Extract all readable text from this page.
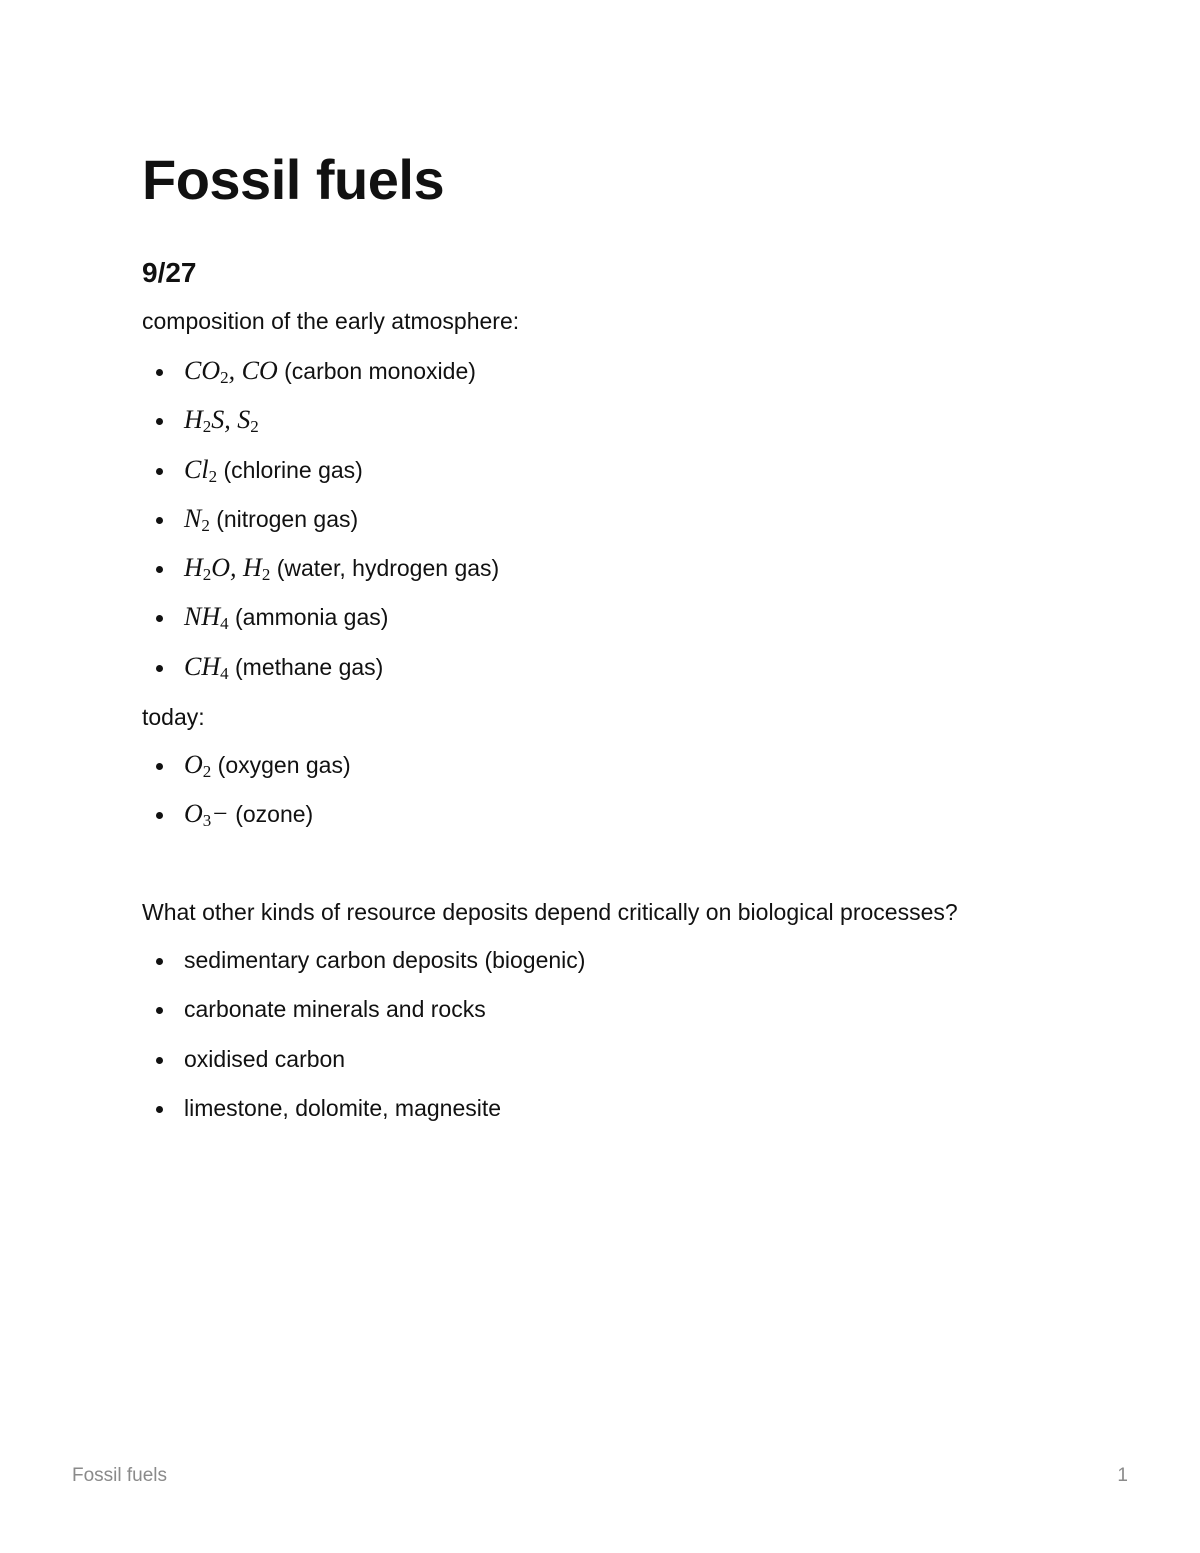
Fossil fuels
9/27

composition of the early atmosphere:

$CO_2$, CO (carbon monoxide)
$H_2S$, $S_2$
$Cl_2$ (chlorine gas)
$N_2$ (nitrogen gas)
$H_2O$, $H_2$ (water, hydrogen gas)
$NH_4$ (ammonia gas)
$CH_4$ (methane gas)

today:

$O_2$ (oxygen gas)
$O_3-$ (ozone)

What other kinds of resource deposits depend critically on biological processes?

sedimentary carbon deposits (biogenic)
carbonate minerals and rocks
oxidised carbon
limestone, dolomite, magnesite
Fossil fuels	1
